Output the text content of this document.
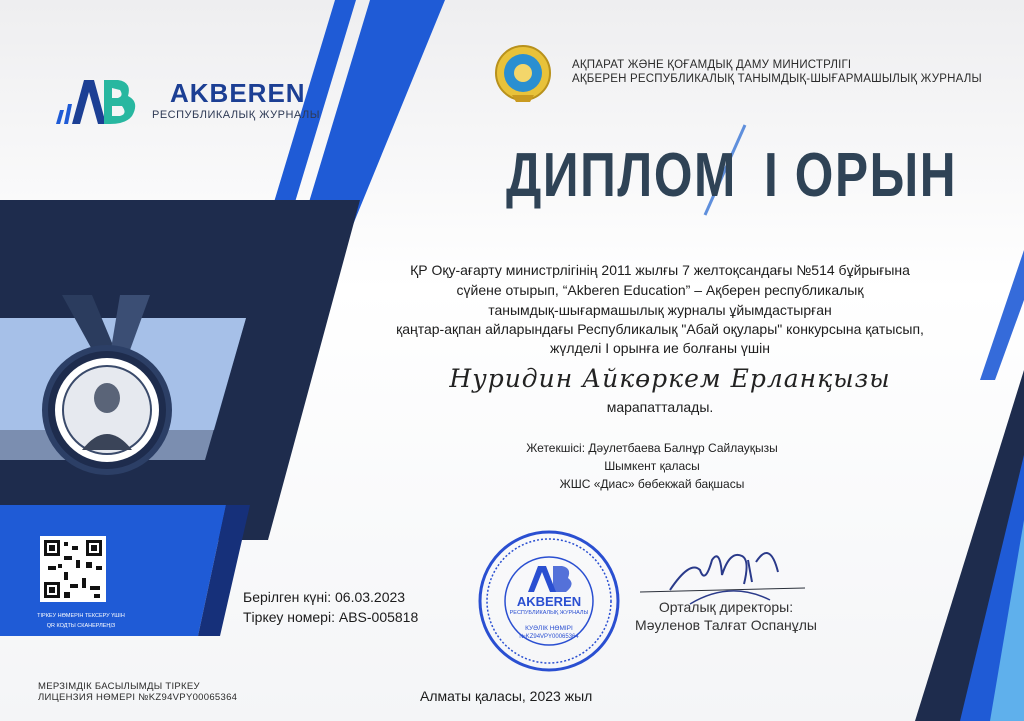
КУӘЛІК НӨМІРІ
№KZ94VPY00065364
AKBEREN
РЕСПУБЛИКАЛЫҚ ЖУРНАЛЫ
АҚПАРАТ ЖӘНЕ ҚОҒАМДЫҚ ДАМУ МИНИСТРЛІГІ
АҚБЕРЕН РЕСПУБЛИКАЛЫҚ ТАНЫМДЫҚ-ШЫҒАРМАШЫЛЫҚ ЖУРНАЛЫ
ДИПЛОМ I ОРЫН
ҚР Оқу-ағарту министрлігінің 2011 жылғы 7 желтоқсандағы №514 бұйрығына
сүйене отырып, “Akberen Education” – Ақберен республикалық
танымдық-шығармашылық журналы ұйымдастырған
қаңтар-ақпан айларындағы Республикалық "Абай оқулары" конкурсына қатысып,
жүлделі I орынға ие болғаны үшін
Нуридин Айкөркем Ерланқызы
марапатталады.
Жетекшісі: Дәулетбаева Балнұр Сайлауқызы
Шымкент қаласы
ЖШС «Диас» бөбекжай бақшасы
Берілген күні: 06.03.2023
Тіркеу номері: ABS-005818
AKBEREN
РЕСПУБЛИКАЛЫҚ ЖУРНАЛЫ	Орталық директоры:
Мәуленов Талғат Оспанұлы
ТІРКЕУ НӨМЕРІН ТЕКСЕРУ ҮШІН
QR КОДТЫ СКАНЕРЛЕҢІЗ
МЕРЗІМДІК БАСЫЛЫМДЫ ТІРКЕУ
ЛИЦЕНЗИЯ НӨМЕРІ №KZ94VPY00065364	Алматы қаласы, 2023 жыл
